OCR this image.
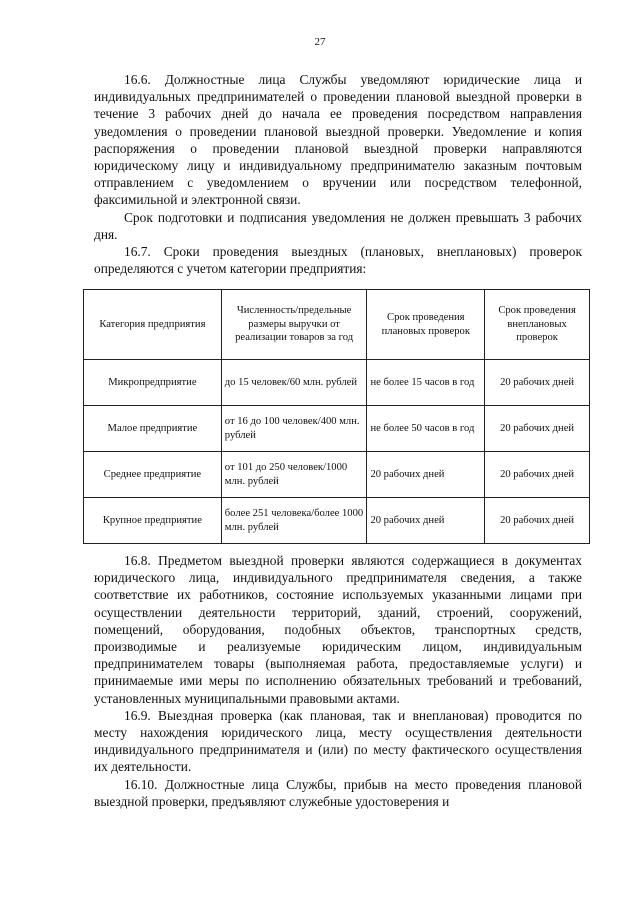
27

16.6. Должностные лица Службы уведомляют юридические лица и индивидуальных предпринимателей о проведении плановой выездной проверки в течение 3 рабочих дней до начала ее проведения посредством направления уведомления о проведении плановой выездной проверки. Уведомление и копия распоряжения о проведении плановой выездной проверки направляются юридическому лицу и индивидуальному предпринимателю заказным почтовым отправлением с уведомлением о вручении или посредством телефонной, факсимильной и электронной связи.

Срок подготовки и подписания уведомления не должен превышать 3 рабочих дня.

16.7. Сроки проведения выездных (плановых, внеплановых) проверок определяются с учетом категории предприятия:

Категория предприятия	Численность/предельные размеры выручки от реализации товаров за год	Срок проведения плановых проверок	Срок проведения внеплановых проверок
Микропредприятие	до 15 человек/60 млн. рублей	не более 15 часов в год	20 рабочих дней
Малое предприятие	от 16 до 100 человек/400 млн. рублей	не более 50 часов в год	20 рабочих дней
Среднее предприятие	от 101 до 250 человек/1000 млн. рублей	20 рабочих дней	20 рабочих дней
Крупное предприятие	более 251 человека/более 1000 млн. рублей	20 рабочих дней	20 рабочих дней

16.8. Предметом выездной проверки являются содержащиеся в документах юридического лица, индивидуального предпринимателя сведения, а также соответствие их работников, состояние используемых указанными лицами при осуществлении деятельности территорий, зданий, строений, сооружений, помещений, оборудования, подобных объектов, транспортных средств, производимые и реализуемые юридическим лицом, индивидуальным предпринимателем товары (выполняемая работа, предоставляемые услуги) и принимаемые ими меры по исполнению обязательных требований и требований, установленных муниципальными правовыми актами.

16.9. Выездная проверка (как плановая, так и внеплановая) проводится по месту нахождения юридического лица, месту осуществления деятельности индивидуального предпринимателя и (или) по месту фактического осуществления их деятельности.

16.10. Должностные лица Службы, прибыв на место проведения плановой выездной проверки, предъявляют служебные удостоверения и
